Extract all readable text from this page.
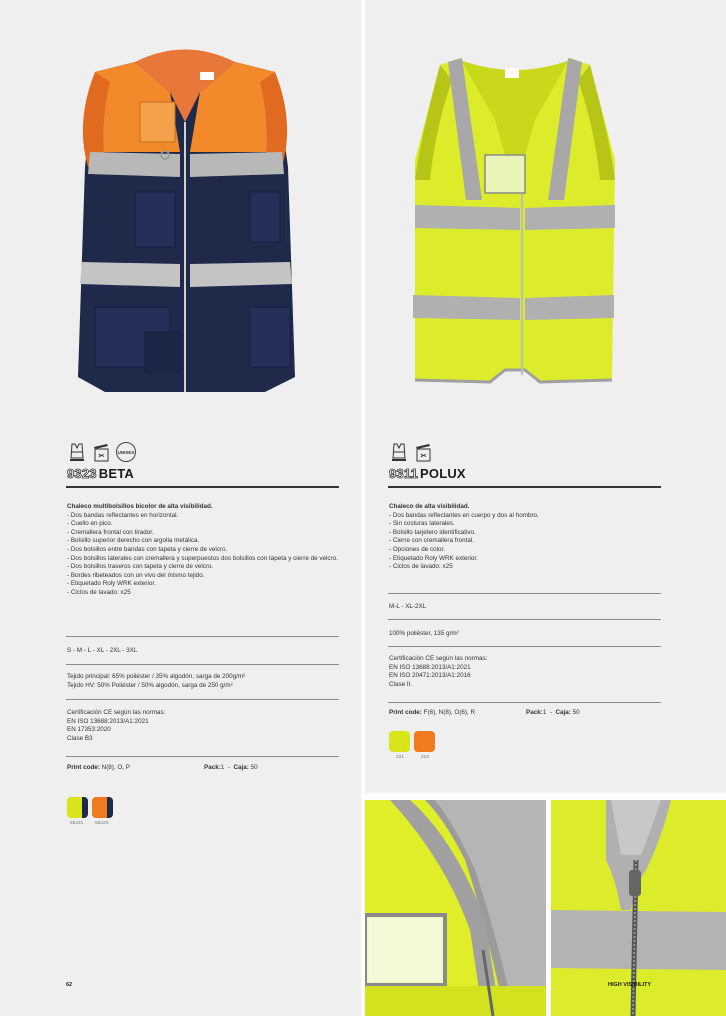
✂
UNISEX
9323 BETA
Chaleco multibolsillos bicolor de alta visibilidad.
- Dos bandas reflectantes en horizontal.
- Cuello en pico.
- Cremallera frontal con tirador.
- Bolsillo superior derecho con argolla metálica.
- Dos bolsillos entre bandas con tapeta y cierre de velcro.
- Dos bolsillos laterales con cremallera y superpuestos dos bolsillos con tapeta y cierre de velcro.
- Dos bolsillos traseros con tapeta y cierre de velcro.
- Bordes ribeteados con un vivo del mismo tejido.
- Etiquetado Roly WRK exterior.
- Ciclos de lavado: x25
S - M - L - XL - 2XL - 3XL
Tejido principal: 65% poliéster / 35% algodón, sarga de 200g/m²
Tejido HV: 50% Poliéster / 50% algodón, sarga de 250 g/m²
Certificación CE según las normas:
EN ISO 13688:2013/A1:2021
EN 17353:2020
Clase B3
Print code: N(8), O, P	Pack:1  -  Caja: 50
55221 55223
✂
9311 POLUX
Chaleco de alta visibilidad.
- Dos bandas reflectantes en cuerpo y dos al hombro.
- Sin costuras laterales.
- Bolsillo tarjetero identificativo.
- Cierre con cremallera frontal.
- Opciones de color.
- Etiquetado Roly WRK exterior.
- Ciclos de lavado: x25
M-L - XL-2XL
100% poliéster, 135 g/m²
Certificación CE según las normas:
EN ISO 13688:2013/A1:2021
EN ISO 20471:2013/A1:2016
Clase II.
Print code: F(6), N(8), O(6), R	Pack:1  -  Caja: 50
221	223
62	HIGH VISIBILITY
